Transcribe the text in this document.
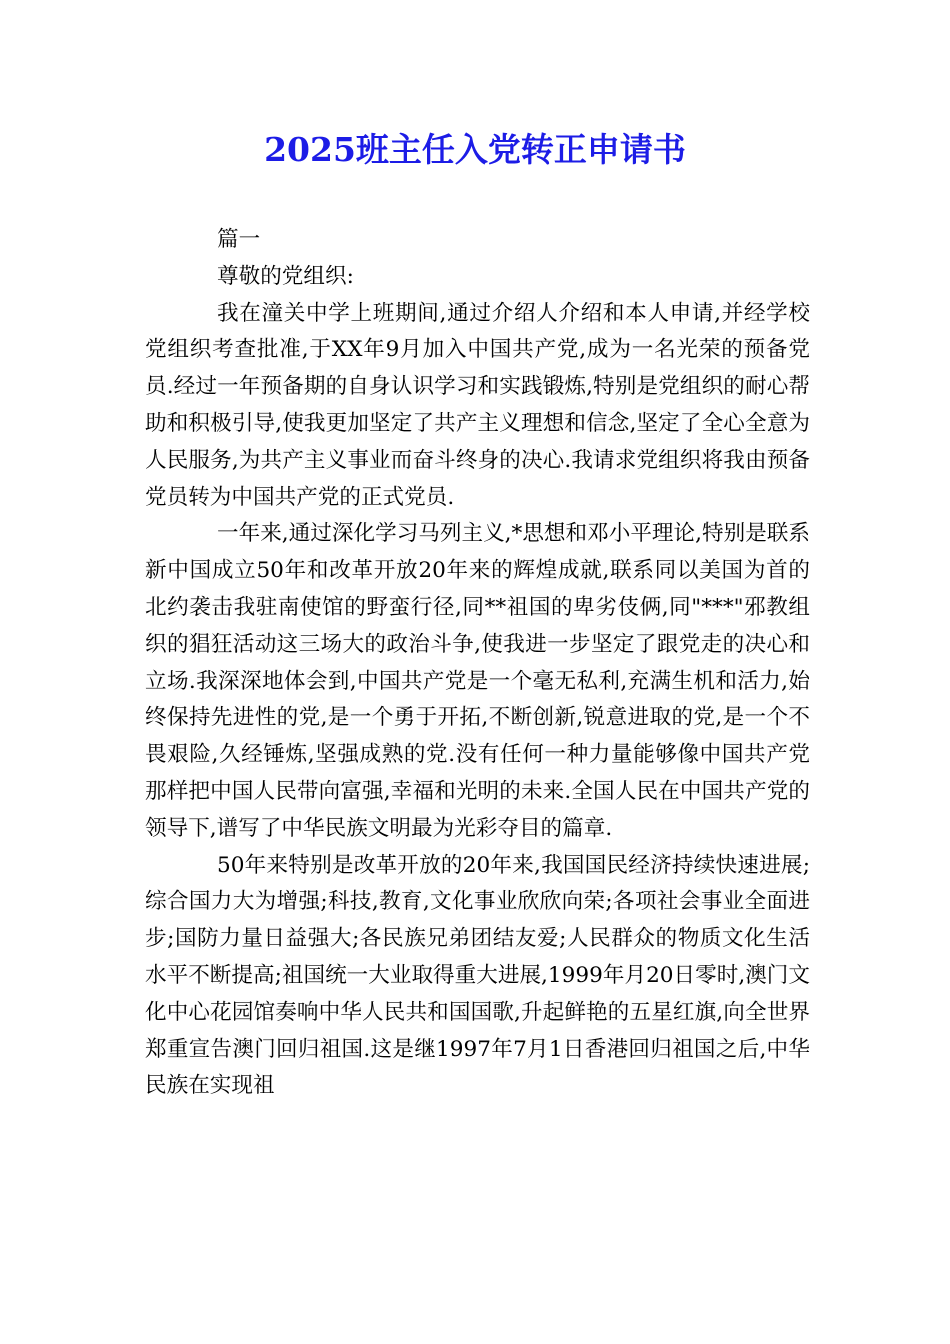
2025班主任入党转正申请书

篇一

尊敬的党组织:

我在潼关中学上班期间,通过介绍人介绍和本人申请,并经学校党组织考查批准,于XX年9月加入中国共产党,成为一名光荣的预备党员.经过一年预备期的自身认识学习和实践锻炼,特别是党组织的耐心帮助和积极引导,使我更加坚定了共产主义理想和信念,坚定了全心全意为人民服务,为共产主义事业而奋斗终身的决心.我请求党组织将我由预备党员转为中国共产党的正式党员.

一年来,通过深化学习马列主义,*思想和邓小平理论,特别是联系新中国成立50年和改革开放20年来的辉煌成就,联系同以美国为首的北约袭击我驻南使馆的野蛮行径,同**祖国的卑劣伎俩,同"***"邪教组织的猖狂活动这三场大的政治斗争,使我进一步坚定了跟党走的决心和立场.我深深地体会到,中国共产党是一个毫无私利,充满生机和活力,始终保持先进性的党,是一个勇于开拓,不断创新,锐意进取的党,是一个不畏艰险,久经锤炼,坚强成熟的党.没有任何一种力量能够像中国共产党那样把中国人民带向富强,幸福和光明的未来.全国人民在中国共产党的领导下,谱写了中华民族文明最为光彩夺目的篇章.

50年来特别是改革开放的20年来,我国国民经济持续快速进展;综合国力大为增强;科技,教育,文化事业欣欣向荣;各项社会事业全面进步;国防力量日益强大;各民族兄弟团结友爱;人民群众的物质文化生活水平不断提高;祖国统一大业取得重大进展,1999年月20日零时,澳门文化中心花园馆奏响中华人民共和国国歌,升起鲜艳的五星红旗,向全世界郑重宣告澳门回归祖国.这是继1997年7月1日香港回归祖国之后,中华民族在实现祖
